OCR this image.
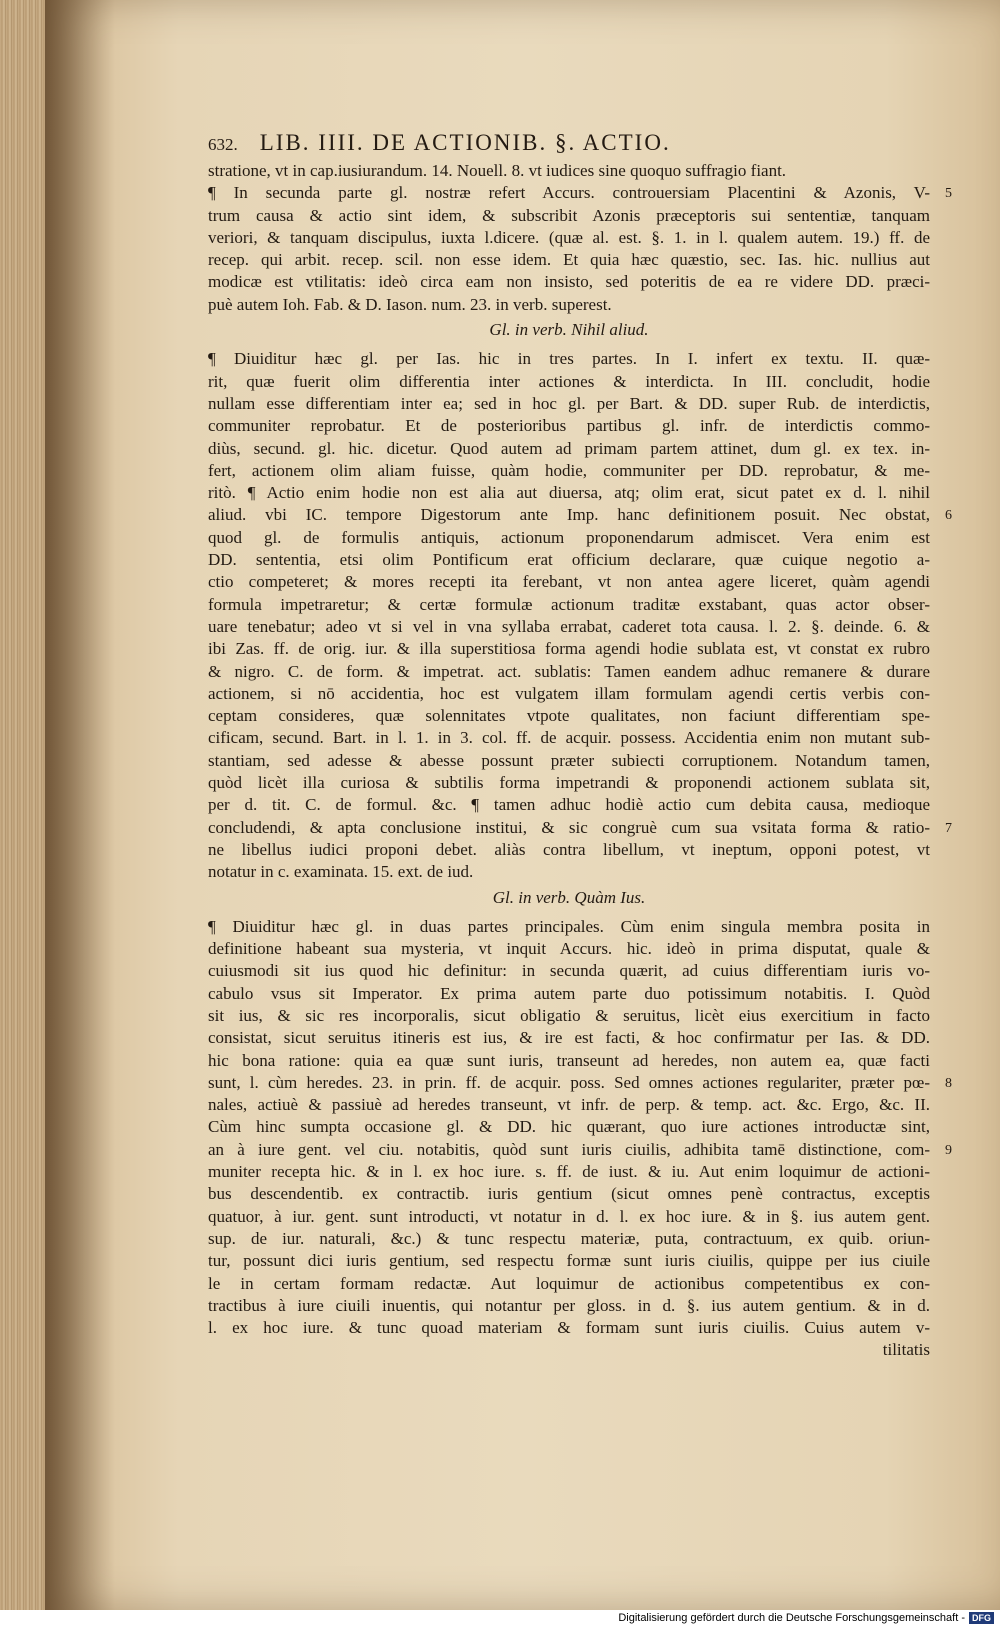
632. LIB. IIII. DE ACTIONIB. §. ACTIO.
stratione, vt in cap.iusiurandum. 14. Nouell. 8. vt iudices sine quoquo suffragio fiant.
¶ In secunda parte gl. nostræ refert Accurs. controuersiam Placentini & Azonis, V-
trum causa & actio sint idem, & subscribit Azonis præceptoris sui sententiæ, tanquam
veriori, & tanquam discipulus, iuxta l.dicere. (quæ al. est. §. 1. in l. qualem autem. 19.) ff. de
recep. qui arbit. recep. scil. non esse idem. Et quia hæc quæstio, sec. Ias. hic. nullius aut
modicæ est vtilitatis: ideò circa eam non insisto, sed poteritis de ea re videre DD. præci-
puè autem Ioh. Fab. & D. Iason. num. 23. in verb. superest.
Gl. in verb. Nihil aliud.
¶ Diuiditur hæc gl. per Ias. hic in tres partes. In I. infert ex textu. II. quæ-
rit, quæ fuerit olim differentia inter actiones & interdicta. In III. concludit, hodie
nullam esse differentiam inter ea; sed in hoc gl. per Bart. & DD. super Rub. de interdictis,
communiter reprobatur. Et de posterioribus partibus gl. infr. de interdictis commo-
diùs, secund. gl. hic. dicetur. Quod autem ad primam partem attinet, dum gl. ex tex. in-
fert, actionem olim aliam fuisse, quàm hodie, communiter per DD. reprobatur, & me-
ritò. ¶ Actio enim hodie non est alia aut diuersa, atq; olim erat, sicut patet ex d. l. nihil
aliud. vbi IC. tempore Digestorum ante Imp. hanc definitionem posuit. Nec obstat,
quod gl. de formulis antiquis, actionum proponendarum admiscet. Vera enim est
DD. sententia, etsi olim Pontificum erat officium declarare, quæ cuique negotio a-
ctio competeret; & mores recepti ita ferebant, vt non antea agere liceret, quàm agendi
formula impetraretur; & certæ formulæ actionum traditæ exstabant, quas actor obser-
uare tenebatur; adeo vt si vel in vna syllaba errabat, caderet tota causa. l. 2. §. deinde. 6. &
ibi Zas. ff. de orig. iur. & illa superstitiosa forma agendi hodie sublata est, vt constat ex rubro
& nigro. C. de form. & impetrat. act. sublatis: Tamen eandem adhuc remanere & durare
actionem, si nō accidentia, hoc est vulgatem illam formulam agendi certis verbis con-
ceptam consideres, quæ solennitates vtpote qualitates, non faciunt differentiam spe-
cificam, secund. Bart. in l. 1. in 3. col. ff. de acquir. possess. Accidentia enim non mutant sub-
stantiam, sed adesse & abesse possunt præter subiecti corruptionem. Notandum tamen,
quòd licèt illa curiosa & subtilis forma impetrandi & proponendi actionem sublata sit,
per d. tit. C. de formul. &c. ¶ tamen adhuc hodiè actio cum debita causa, medioque
concludendi, & apta conclusione institui, & sic congruè cum sua vsitata forma & ratio-
ne libellus iudici proponi debet. aliàs contra libellum, vt ineptum, opponi potest, vt
notatur in c. examinata. 15. ext. de iud.
Gl. in verb. Quàm Ius.
¶ Diuiditur hæc gl. in duas partes principales. Cùm enim singula membra posita in
definitione habeant sua mysteria, vt inquit Accurs. hic. ideò in prima disputat, quale &
cuiusmodi sit ius quod hic definitur: in secunda quærit, ad cuius differentiam iuris vo-
cabulo vsus sit Imperator. Ex prima autem parte duo potissimum notabitis. I. Quòd
sit ius, & sic res incorporalis, sicut obligatio & seruitus, licèt eius exercitium in facto
consistat, sicut seruitus itineris est ius, & ire est facti, & hoc confirmatur per Ias. & DD.
hic bona ratione: quia ea quæ sunt iuris, transeunt ad heredes, non autem ea, quæ facti
sunt, l. cùm heredes. 23. in prin. ff. de acquir. poss. Sed omnes actiones regulariter, præter pœ-
nales, actiuè & passiuè ad heredes transeunt, vt infr. de perp. & temp. act. &c. Ergo, &c. II.
Cùm hinc sumpta occasione gl. & DD. hic quærant, quo iure actiones introductæ sint,
an à iure gent. vel ciu. notabitis, quòd sunt iuris ciuilis, adhibita tamē distinctione, com-
muniter recepta hic. & in l. ex hoc iure. s. ff. de iust. & iu. Aut enim loquimur de actioni-
bus descendentib. ex contractib. iuris gentium (sicut omnes penè contractus, exceptis
quatuor, à iur. gent. sunt introducti, vt notatur in d. l. ex hoc iure. & in §. ius autem gent.
sup. de iur. naturali, &c.) & tunc respectu materiæ, puta, contractuum, ex quib. oriun-
tur, possunt dici iuris gentium, sed respectu formæ sunt iuris ciuilis, quippe per ius ciuile
le in certam formam redactæ. Aut loquimur de actionibus competentibus ex con-
tractibus à iure ciuili inuentis, qui notantur per gloss. in d. §. ius autem gentium. & in d.
l. ex hoc iure. & tunc quoad materiam & formam sunt iuris ciuilis. Cuius autem v-
tilitatis
5
6
7
8
9
Digitalisierung gefördert durch die Deutsche Forschungsgemeinschaft - DFG
